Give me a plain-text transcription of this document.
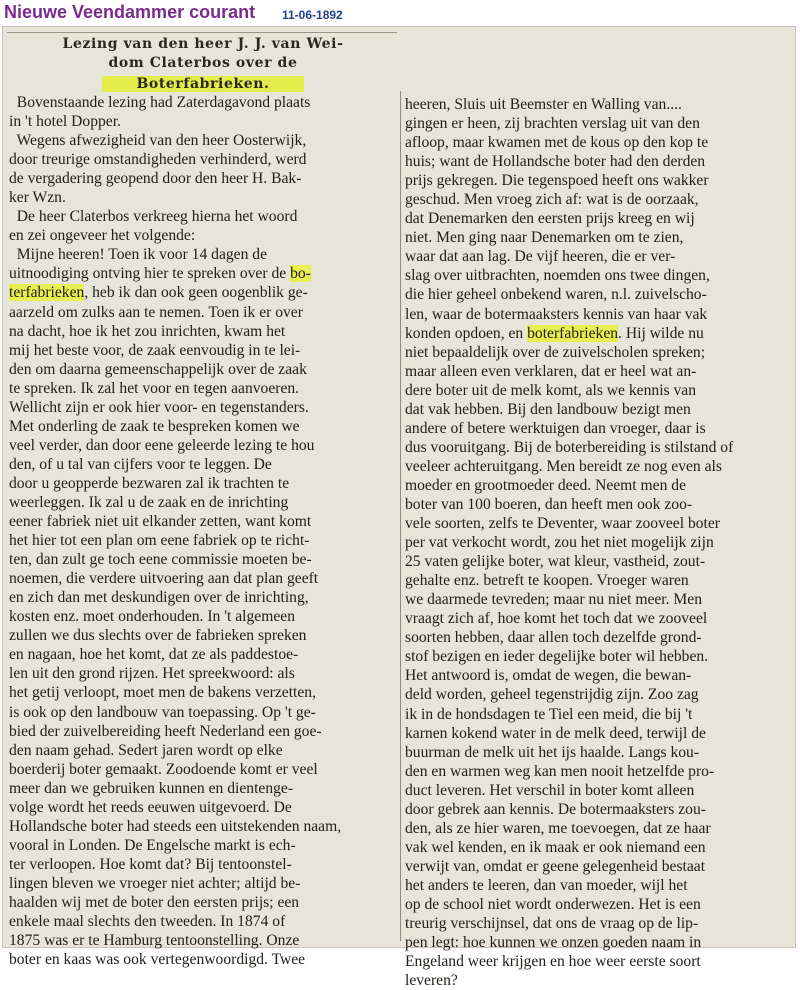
Nieuwe Veendammer courant 11-06-1892
Lezing van den heer J. J. van Wei-
dom Claterbos over de
Boterfabrieken.
Bovenstaande lezing had Zaterdagavond plaats
in 't hotel Dopper.
Wegens afwezigheid van den heer Oosterwijk,
door treurige omstandigheden verhinderd, werd
de vergadering geopend door den heer H. Bak-
ker Wzn.
De heer Claterbos verkreeg hierna het woord
en zei ongeveer het volgende:
Mijne heeren! Toen ik voor 14 dagen de
uitnoodiging ontving hier te spreken over de bo-
terfabrieken, heb ik dan ook geen oogenblik ge-
aarzeld om zulks aan te nemen. Toen ik er over
na dacht, hoe ik het zou inrichten, kwam het
mij het beste voor, de zaak eenvoudig in te lei-
den om daarna gemeenschappelijk over de zaak
te spreken. Ik zal het voor en tegen aanvoeren.
Wellicht zijn er ook hier voor- en tegenstanders.
Met onderling de zaak te bespreken komen we
veel verder, dan door eene geleerde lezing te hou
den, of u tal van cijfers voor te leggen. De
door u geopperde bezwaren zal ik trachten te
weerleggen. Ik zal u de zaak en de inrichting
eener fabriek niet uit elkander zetten, want komt
het hier tot een plan om eene fabriek op te richt-
ten, dan zult ge toch eene commissie moeten be-
noemen, die verdere uitvoering aan dat plan geeft
en zich dan met deskundigen over de inrichting,
kosten enz. moet onderhouden. In 't algemeen
zullen we dus slechts over de fabrieken spreken
en nagaan, hoe het komt, dat ze als paddestoe-
len uit den grond rijzen. Het spreekwoord: als
het getij verloopt, moet men de bakens verzetten,
is ook op den landbouw van toepassing. Op 't ge-
bied der zuivelbereiding heeft Nederland een goe-
den naam gehad. Sedert jaren wordt op elke
boerderij boter gemaakt. Zoodoende komt er veel
meer dan we gebruiken kunnen en dientenge-
volge wordt het reeds eeuwen uitgevoerd. De
Hollandsche boter had steeds een uitstekenden naam,
vooral in Londen. De Engelsche markt is ech-
ter verloopen. Hoe komt dat? Bij tentoonstel-
lingen bleven we vroeger niet achter; altijd be-
haalden wij met de boter den eersten prijs; een
enkele maal slechts den tweeden. In 1874 of
1875 was er te Hamburg tentoonstelling. Onze
boter en kaas was ook vertegenwoordigd. Twee
heeren, Sluis uit Beemster en Walling van....
gingen er heen, zij brachten verslag uit van den
afloop, maar kwamen met de kous op den kop te
huis; want de Hollandsche boter had den derden
prijs gekregen. Die tegenspoed heeft ons wakker
geschud. Men vroeg zich af: wat is de oorzaak,
dat Denemarken den eersten prijs kreeg en wij
niet. Men ging naar Denemarken om te zien,
waar dat aan lag. De vijf heeren, die er ver-
slag over uitbrachten, noemden ons twee dingen,
die hier geheel onbekend waren, n.l. zuivelscho-
len, waar de botermaaksters kennis van haar vak
konden opdoen, en boterfabrieken. Hij wilde nu
niet bepaaldelijk over de zuivelscholen spreken;
maar alleen even verklaren, dat er heel wat an-
dere boter uit de melk komt, als we kennis van
dat vak hebben. Bij den landbouw bezigt men
andere of betere werktuigen dan vroeger, daar is
dus vooruitgang. Bij de boterbereiding is stilstand of
veeleer achteruitgang. Men bereidt ze nog even als
moeder en grootmoeder deed. Neemt men de
boter van 100 boeren, dan heeft men ook zoo-
vele soorten, zelfs te Deventer, waar zooveel boter
per vat verkocht wordt, zou het niet mogelijk zijn
25 vaten gelijke boter, wat kleur, vastheid, zout-
gehalte enz. betreft te koopen. Vroeger waren
we daarmede tevreden; maar nu niet meer. Men
vraagt zich af, hoe komt het toch dat we zooveel
soorten hebben, daar allen toch dezelfde grond-
stof bezigen en ieder degelijke boter wil hebben.
Het antwoord is, omdat de wegen, die bewan-
deld worden, geheel tegenstrijdig zijn. Zoo zag
ik in de hondsdagen te Tiel een meid, die bij 't
karnen kokend water in de melk deed, terwijl de
buurman de melk uit het ijs haalde. Langs kou-
den en warmen weg kan men nooit hetzelfde pro-
duct leveren. Het verschil in boter komt alleen
door gebrek aan kennis. De botermaaksters zou-
den, als ze hier waren, me toevoegen, dat ze haar
vak wel kenden, en ik maak er ook niemand een
verwijt van, omdat er geene gelegenheid bestaat
het anders te leeren, dan van moeder, wijl het
op de school niet wordt onderwezen. Het is een
treurig verschijnsel, dat ons de vraag op de lip-
pen legt: hoe kunnen we onzen goeden naam in
Engeland weer krijgen en hoe weer eerste soort
leveren?
